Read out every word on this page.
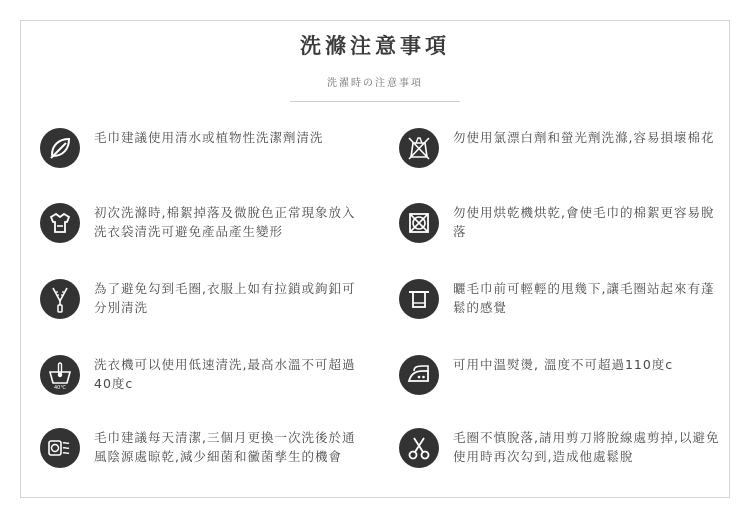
洗滌注意事項
洗濯時の注意事項
毛巾建議使用清水或植物性洗潔劑清洗	勿使用氯漂白劑和螢光劑洗滌,容易損壞棉花
初次洗滌時,棉絮掉落及微脫色正常現象放入洗衣袋清洗可避免產品產生變形
勿使用烘乾機烘乾,會使毛巾的棉絮更容易脫落
為了避免勾到毛圈,衣服上如有拉鎖或鉤釦可分別清洗
曬毛巾前可輕輕的甩幾下,讓毛圈站起來有蓬鬆的感覺
40℃
洗衣機可以使用低速清洗,最高水溫不可超過40度c
可用中溫熨燙, 溫度不可超過110度c
毛巾建議每天清潔,三個月更換一次洗後於通風陰源處晾乾,減少細菌和黴菌孳生的機會
毛圈不慎脫落,請用剪刀將脫線處剪掉,以避免使用時再次勾到,造成他處鬆脫
